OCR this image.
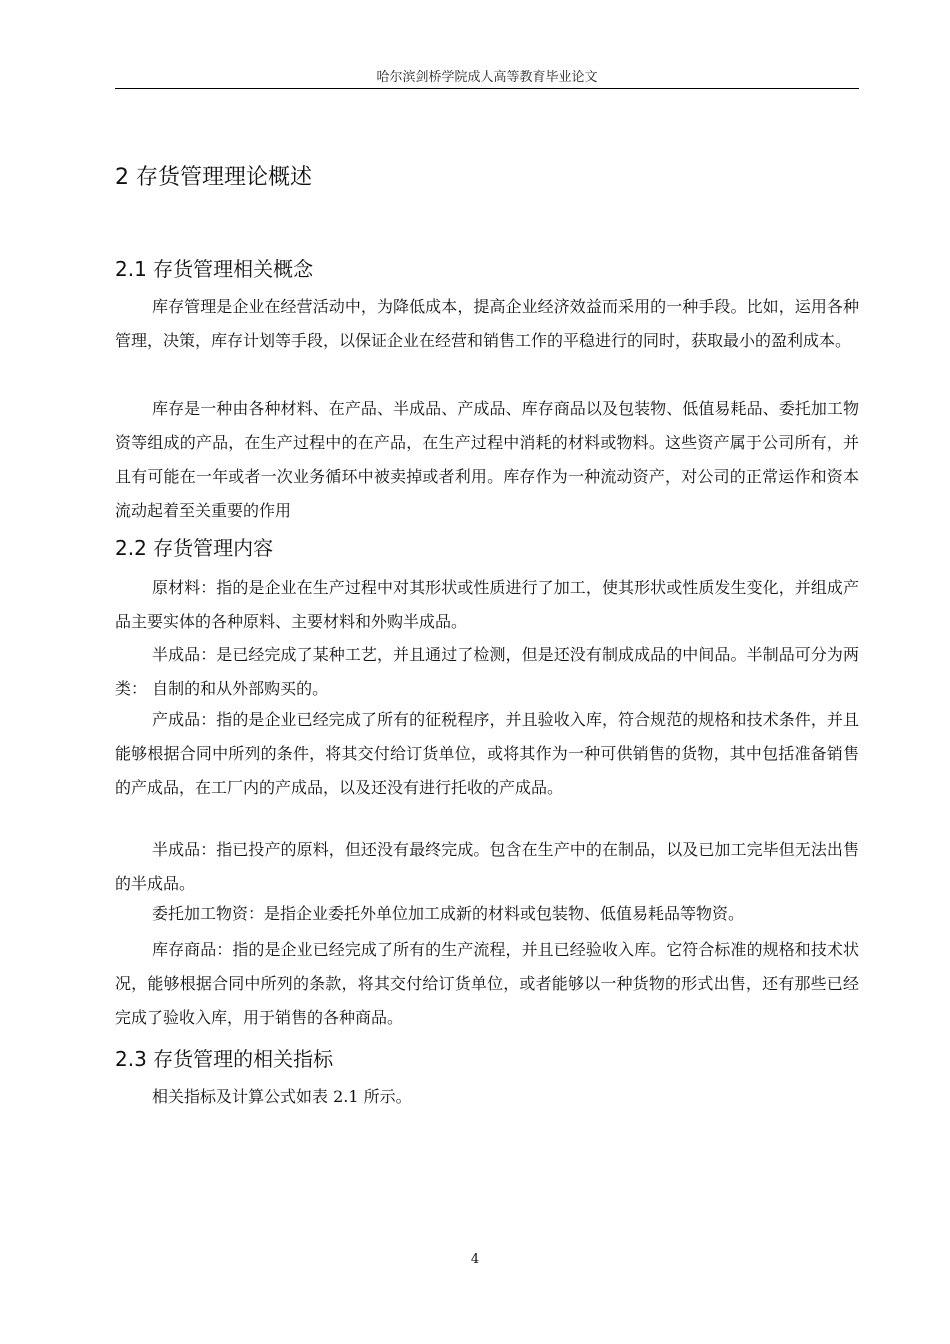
哈尔滨剑桥学院成人高等教育毕业论文
2 存货管理理论概述
2.1 存货管理相关概念

库存管理是企业在经营活动中，为降低成本，提高企业经济效益而采用的一种手段。比如，运用各种管理，决策，库存计划等手段，以保证企业在经营和销售工作的平稳进行的同时，获取最小的盈利成本。

库存是一种由各种材料、在产品、半成品、产成品、库存商品以及包装物、低值易耗品、委托加工物资等组成的产品，在生产过程中的在产品，在生产过程中消耗的材料或物料。这些资产属于公司所有，并且有可能在一年或者一次业务循环中被卖掉或者利用。库存作为一种流动资产，对公司的正常运作和资本流动起着至关重要的作用

2.2 存货管理内容

原材料：指的是企业在生产过程中对其形状或性质进行了加工，使其形状或性质发生变化，并组成产品主要实体的各种原料、主要材料和外购半成品。

半成品：是已经完成了某种工艺，并且通过了检测，但是还没有制成成品的中间品。半制品可分为两类： 自制的和从外部购买的。

产成品：指的是企业已经完成了所有的征税程序，并且验收入库，符合规范的规格和技术条件，并且能够根据合同中所列的条件，将其交付给订货单位，或将其作为一种可供销售的货物，其中包括准备销售的产成品，在工厂内的产成品，以及还没有进行托收的产成品。

半成品：指已投产的原料，但还没有最终完成。包含在生产中的在制品，以及已加工完毕但无法出售的半成品。

委托加工物资：是指企业委托外单位加工成新的材料或包装物、低值易耗品等物资。

库存商品：指的是企业已经完成了所有的生产流程，并且已经验收入库。它符合标准的规格和技术状况，能够根据合同中所列的条款，将其交付给订货单位，或者能够以一种货物的形式出售，还有那些已经完成了验收入库，用于销售的各种商品。

2.3 存货管理的相关指标

相关指标及计算公式如表 2.1 所示。

4
